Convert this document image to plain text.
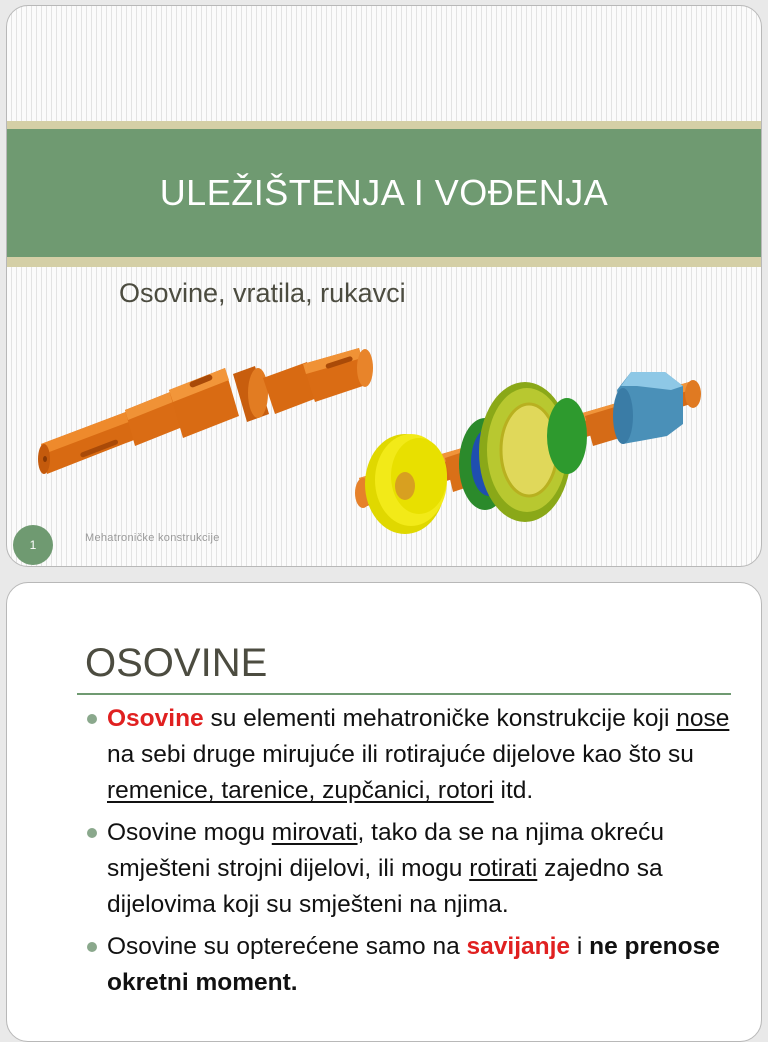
ULEŽIŠTENJA I VOĐENJA
Osovine, vratila, rukavci
1	Mehatroničke konstrukcije
OSOVINE
Osovine su elementi mehatroničke konstrukcije koji nose na sebi druge mirujuće ili rotirajuće dijelove kao što su remenice, tarenice, zupčanici, rotori itd.
Osovine mogu mirovati, tako da se na njima okreću smješteni strojni dijelovi, ili mogu rotirati zajedno sa dijelovima koji su smješteni na njima.
Osovine su opterećene samo na savijanje i ne prenose okretni moment.
